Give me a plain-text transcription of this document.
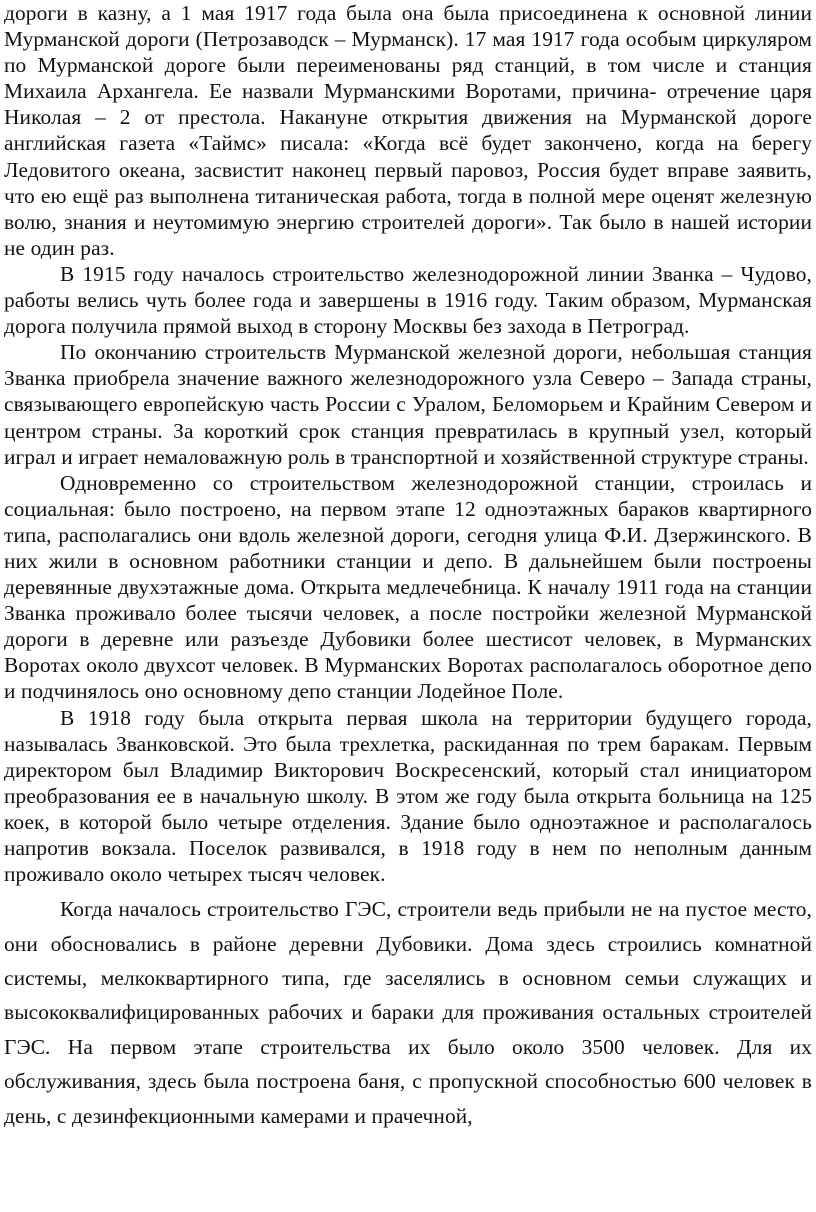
дороги в казну, а 1 мая 1917 года была она была присоединена к основной линии Мурманской дороги (Петрозаводск – Мурманск). 17 мая 1917 года особым циркуляром по Мурманской дороге были переименованы ряд станций, в том числе и станция Михаила Архангела. Ее назвали Мурманскими Воротами, причина- отречение царя Николая – 2 от престола. Накануне открытия движения на Мурманской дороге английская газета «Таймс» писала: «Когда всё будет закончено, когда на берегу Ледовитого океана, засвистит наконец первый паровоз, Россия будет вправе заявить, что ею ещё раз выполнена титаническая работа, тогда в полной мере оценят железную волю, знания и неутомимую энергию строителей дороги». Так было в нашей истории не один раз.

В 1915 году началось строительство железнодорожной линии Званка – Чудово, работы велись чуть более года и завершены в 1916 году. Таким образом, Мурманская дорога получила прямой выход в сторону Москвы без захода в Петроград.

По окончанию строительств Мурманской железной дороги, небольшая станция Званка приобрела значение важного железнодорожного узла Северо – Запада страны, связывающего европейскую часть России с Уралом, Беломорьем и Крайним Севером и центром страны. За короткий срок станция превратилась в крупный узел, который играл и играет немаловажную роль в транспортной и хозяйственной структуре страны.

Одновременно со строительством железнодорожной станции, строилась и социальная: было построено, на первом этапе 12 одноэтажных бараков квартирного типа, располагались они вдоль железной дороги, сегодня улица Ф.И. Дзержинского. В них жили в основном работники станции и депо. В дальнейшем были построены деревянные двухэтажные дома. Открыта медлечебница. К началу 1911 года на станции Званка проживало более тысячи человек, а после постройки железной Мурманской дороги в деревне или разъезде Дубовики более шестисот человек, в Мурманских Воротах около двухсот человек. В Мурманских Воротах располагалось оборотное депо и подчинялось оно основному депо станции Лодейное Поле.

В 1918 году была открыта первая школа на территории будущего города, называлась Званковской. Это была трехлетка, раскиданная по трем баракам. Первым директором был Владимир Викторович Воскресенский, который стал инициатором преобразования ее в начальную школу. В этом же году была открыта больница на 125 коек, в которой было четыре отделения. Здание было одноэтажное и располагалось напротив вокзала. Поселок развивался, в 1918 году в нем по неполным данным проживало около четырех тысяч человек.

Когда началось строительство ГЭС, строители ведь прибыли не на пустое место, они обосновались в районе деревни Дубовики. Дома здесь строились комнатной системы, мелкоквартирного типа, где заселялись в основном семьи служащих и высококвалифицированных рабочих и бараки для проживания остальных строителей ГЭС. На первом этапе строительства их было около 3500 человек. Для их обслуживания, здесь была построена баня, с пропускной способностью 600 человек в день, с дезинфекционными камерами и прачечной,
